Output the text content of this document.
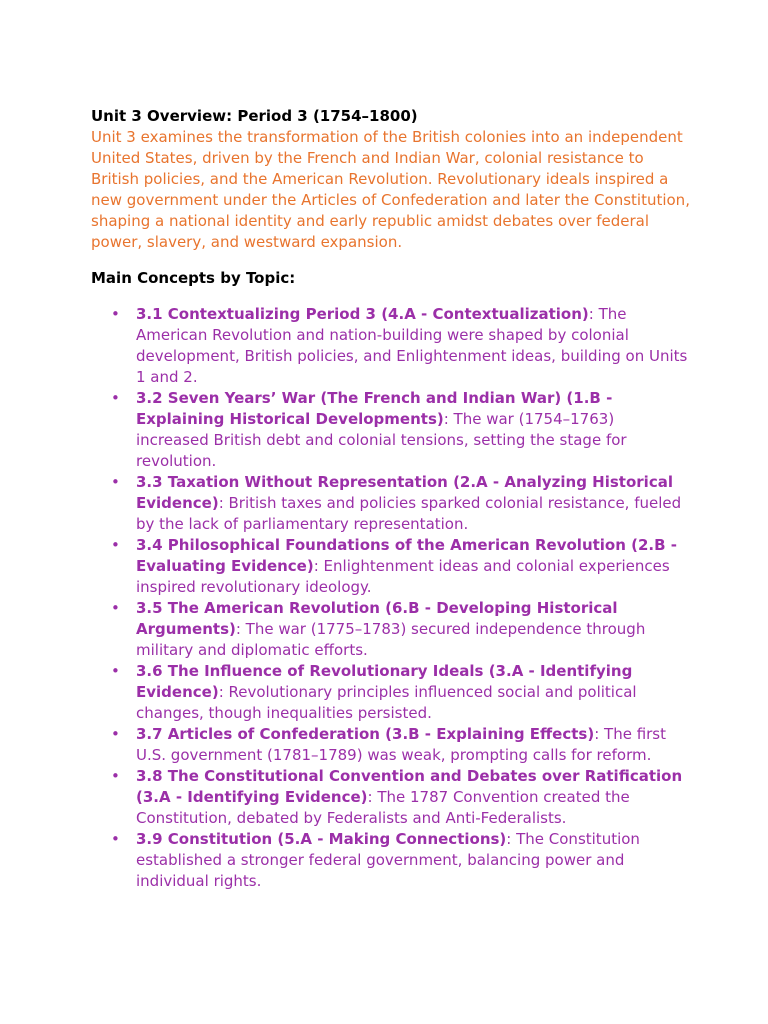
Unit 3 Overview: Period 3 (1754–1800)

Unit 3 examines the transformation of the British colonies into an independent United States, driven by the French and Indian War, colonial resistance to British policies, and the American Revolution. Revolutionary ideals inspired a new government under the Articles of Confederation and later the Constitution, shaping a national identity and early republic amidst debates over federal power, slavery, and westward expansion.

Main Concepts by Topic:

• 3.1 Contextualizing Period 3 (4.A - Contextualization): The American Revolution and nation-building were shaped by colonial development, British policies, and Enlightenment ideas, building on Units 1 and 2.
• 3.2 Seven Years’ War (The French and Indian War) (1.B - Explaining Historical Developments): The war (1754–1763) increased British debt and colonial tensions, setting the stage for revolution.
• 3.3 Taxation Without Representation (2.A - Analyzing Historical Evidence): British taxes and policies sparked colonial resistance, fueled by the lack of parliamentary representation.
• 3.4 Philosophical Foundations of the American Revolution (2.B - Evaluating Evidence): Enlightenment ideas and colonial experiences inspired revolutionary ideology.
• 3.5 The American Revolution (6.B - Developing Historical Arguments): The war (1775–1783) secured independence through military and diplomatic efforts.
• 3.6 The Influence of Revolutionary Ideals (3.A - Identifying Evidence): Revolutionary principles influenced social and political changes, though inequalities persisted.
• 3.7 Articles of Confederation (3.B - Explaining Effects): The first U.S. government (1781–1789) was weak, prompting calls for reform.
• 3.8 The Constitutional Convention and Debates over Ratification (3.A - Identifying Evidence): The 1787 Convention created the Constitution, debated by Federalists and Anti-Federalists.
• 3.9 Constitution (5.A - Making Connections): The Constitution established a stronger federal government, balancing power and individual rights.
